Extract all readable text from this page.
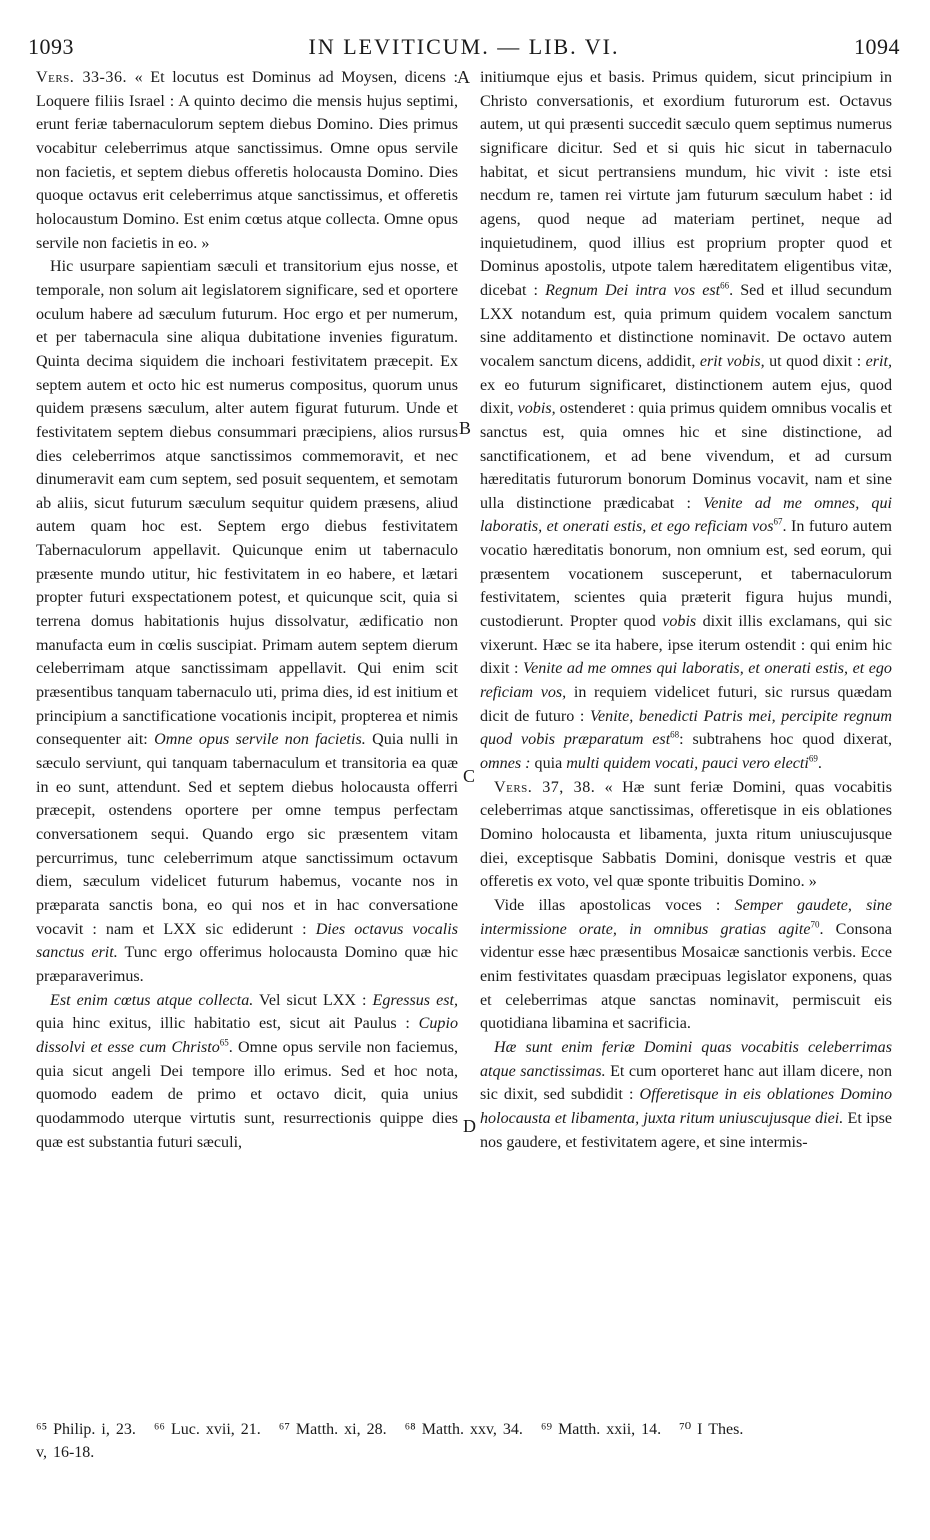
1093	IN LEVITICUM. — LIB. VI.	1094
A
B
C
D

Vers. 33-36. « Et locutus est Dominus ad Moysen, dicens : Loquere filiis Israel : A quinto decimo die mensis hujus septimi, erunt feriæ tabernaculorum septem diebus Domino. Dies primus vocabitur celeberrimus atque sanctissimus. Omne opus servile non facietis, et septem diebus offeretis holocausta Domino. Dies quoque octavus erit celeberrimus atque sanctissimus, et offeretis holocaustum Domino. Est enim cœtus atque collecta. Omne opus servile non facietis in eo. »

Hic usurpare sapientiam sæculi et transitorium ejus nosse, et temporale, non solum ait legislatorem significare, sed et oportere oculum habere ad sæculum futurum. Hoc ergo et per numerum, et per tabernacula sine aliqua dubitatione invenies figuratum. Quinta decima siquidem die inchoari festivitatem præcepit. Ex septem autem et octo hic est numerus compositus, quorum unus quidem præsens sæculum, alter autem figurat futurum. Unde et festivitatem septem diebus consummari præcipiens, alios rursus dies celeberrimos atque sanctissimos commemoravit, et nec dinumeravit eam cum septem, sed posuit sequentem, et semotam ab aliis, sicut futurum sæculum sequitur quidem præsens, aliud autem quam hoc est. Septem ergo diebus festivitatem Tabernaculorum appellavit. Quicunque enim ut tabernaculo præsente mundo utitur, hic festivitatem in eo habere, et lætari propter futuri exspectationem potest, et quicunque scit, quia si terrena domus habitationis hujus dissolvatur, ædificatio non manufacta eum in cœlis suscipiat. Primam autem septem dierum celeberrimam atque sanctissimam appellavit. Qui enim scit præsentibus tanquam tabernaculo uti, prima dies, id est initium et principium a sanctificatione vocationis incipit, propterea et nimis consequenter ait: Omne opus servile non facietis. Quia nulli in sæculo serviunt, qui tanquam tabernaculum et transitoria ea quæ in eo sunt, attendunt. Sed et septem diebus holocausta offerri præcepit, ostendens oportere per omne tempus perfectam conversationem sequi. Quando ergo sic præsentem vitam percurrimus, tunc celeberrimum atque sanctissimum octavum diem, sæculum videlicet futurum habemus, vocante nos in præparata sanctis bona, eo qui nos et in hac conversatione vocavit : nam et LXX sic ediderunt : Dies octavus vocalis sanctus erit. Tunc ergo offerimus holocausta Domino quæ hic præparaverimus.

Est enim cœtus atque collecta. Vel sicut LXX : Egressus est, quia hinc exitus, illic habitatio est, sicut ait Paulus : Cupio dissolvi et esse cum Christo$^{65}$. Omne opus servile non faciemus, quia sicut angeli Dei tempore illo erimus. Sed et hoc nota, quomodo eadem de primo et octavo dicit, quia unius quodammodo uterque virtutis sunt, resurrectionis quippe dies quæ est substantia futuri sæculi,

initiumque ejus et basis. Primus quidem, sicut principium in Christo conversationis, et exordium futurorum est. Octavus autem, ut qui præsenti succedit sæculo quem septimus numerus significare dicitur. Sed et si quis hic sicut in tabernaculo habitat, et sicut pertransiens mundum, hic vivit : iste etsi necdum re, tamen rei virtute jam futurum sæculum habet : id agens, quod neque ad materiam pertinet, neque ad inquietudinem, quod illius est proprium propter quod et Dominus apostolis, utpote talem hæreditatem eligentibus vitæ, dicebat : Regnum Dei intra vos est$^{66}$. Sed et illud secundum LXX notandum est, quia primum quidem vocalem sanctum sine additamento et distinctione nominavit. De octavo autem vocalem sanctum dicens, addidit, erit vobis, ut quod dixit : erit, ex eo futurum significaret, distinctionem autem ejus, quod dixit, vobis, ostenderet : quia primus quidem omnibus vocalis et sanctus est, quia omnes hic et sine distinctione, ad sanctificationem, et ad bene vivendum, et ad cursum hæreditatis futurorum bonorum Dominus vocavit, nam et sine ulla distinctione prædicabat : Venite ad me omnes, qui laboratis, et onerati estis, et ego reficiam vos$^{67}$. In futuro autem vocatio hæreditatis bonorum, non omnium est, sed eorum, qui præsentem vocationem susceperunt, et tabernaculorum festivitatem, scientes quia præterit figura hujus mundi, custodierunt. Propter quod vobis dixit illis exclamans, qui sic vixerunt. Hæc se ita habere, ipse iterum ostendit : qui enim hic dixit : Venite ad me omnes qui laboratis, et onerati estis, et ego reficiam vos, in requiem videlicet futuri, sic rursus quædam dicit de futuro : Venite, benedicti Patris mei, percipite regnum quod vobis præparatum est$^{68}$: subtrahens hoc quod dixerat, omnes : quia multi quidem vocati, pauci vero electi$^{69}$.

Vers. 37, 38. « Hæ sunt feriæ Domini, quas vocabitis celeberrimas atque sanctissimas, offeretisque in eis oblationes Domino holocausta et libamenta, juxta ritum uniuscujusque diei, exceptisque Sabbatis Domini, donisque vestris et quæ offeretis ex voto, vel quæ sponte tribuitis Domino. »

Vide illas apostolicas voces : Semper gaudete, sine intermissione orate, in omnibus gratias agite$^{70}$. Consona videntur esse hæc præsentibus Mosaicæ sanctionis verbis. Ecce enim festivitates quasdam præcipuas legislator exponens, quas et celeberrimas atque sanctas nominavit, permiscuit eis quotidiana libamina et sacrificia.

Hæ sunt enim feriæ Domini quas vocabitis celeberrimas atque sanctissimas. Et cum oporteret hanc aut illam dicere, non sic dixit, sed subdidit : Offeretisque in eis oblationes Domino holocausta et libamenta, juxta ritum uniuscujusque diei. Et ipse nos gaudere, et festivitatem agere, et sine intermis-

⁶⁵ Philip. i, 23.   ⁶⁶ Luc. xvii, 21.   ⁶⁷ Matth. xi, 28.   ⁶⁸ Matth. xxv, 34.   ⁶⁹ Matth. xxii, 14.   ⁷⁰ I Thes.
v, 16-18.
